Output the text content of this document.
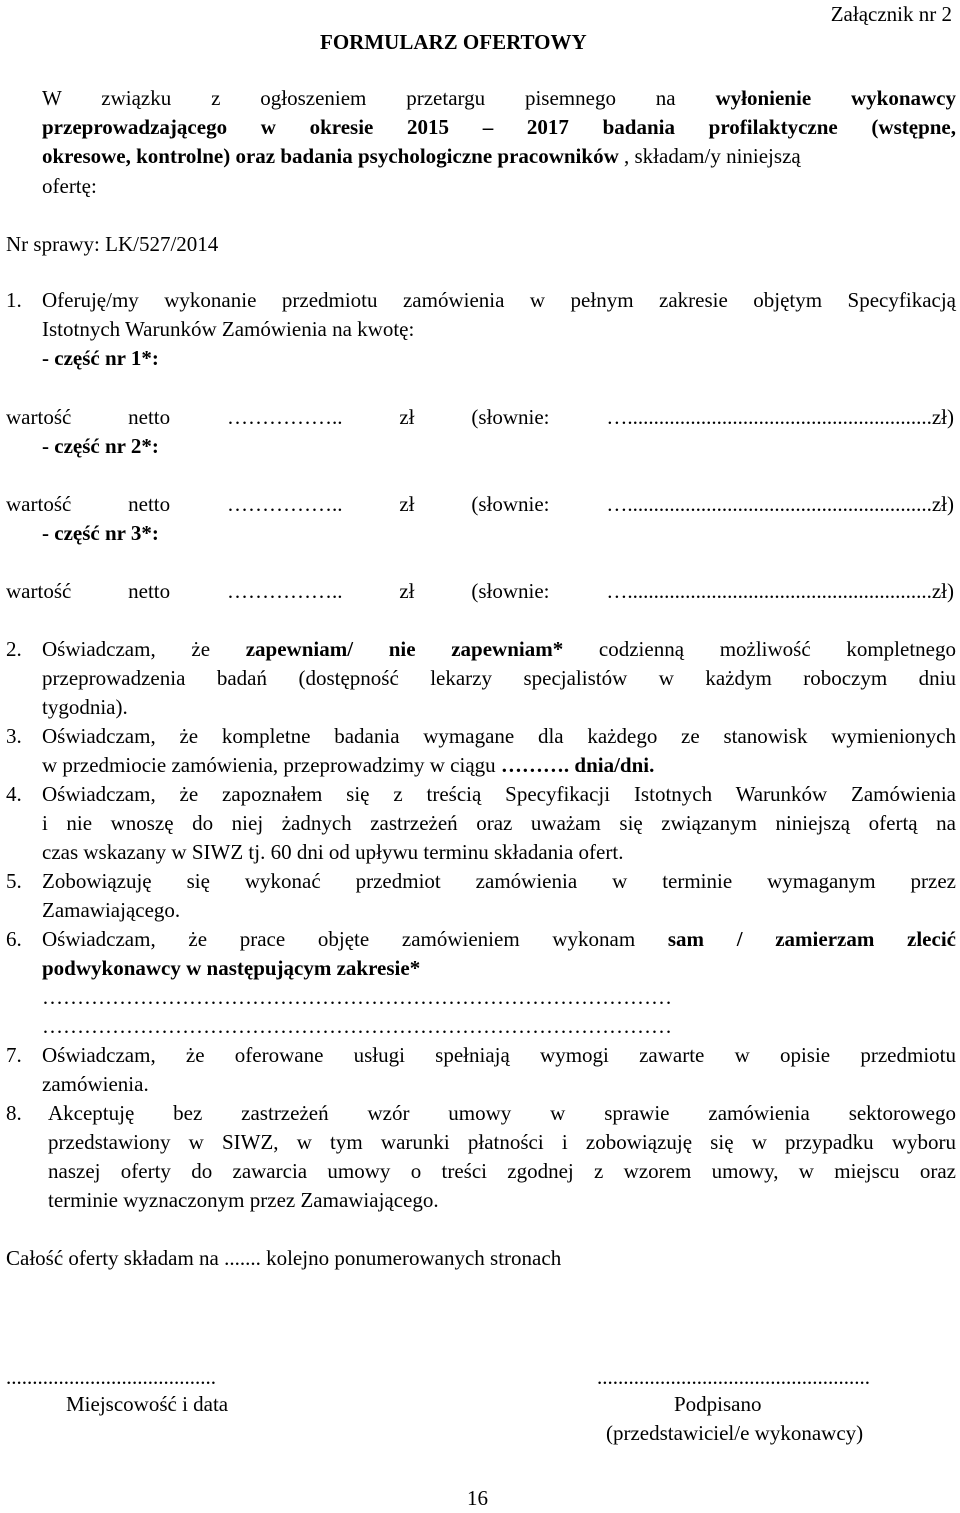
Załącznik nr 2
FORMULARZ OFERTOWY
W związku z ogłoszeniem przetargu pisemnego na wyłonienie wykonawcy
przeprowadzającego w okresie 2015 – 2017 badania profilaktyczne (wstępne,
okresowe, kontrolne) oraz badania psychologiczne pracowników , składam/y niniejszą
ofertę:
Nr sprawy: LK/527/2014
1. Oferuję/my wykonanie przedmiotu zamówienia w pełnym zakresie objętym Specyfikacją
Istotnych Warunków Zamówienia na kwotę:
- część nr 1*:
wartość netto …………….. zł (słownie: …..........................................................zł)
- część nr 2*:
wartość netto …………….. zł (słownie: …..........................................................zł)
- część nr 3*:
wartość netto …………….. zł (słownie: …..........................................................zł)
2. Oświadczam, że zapewniam/ nie zapewniam* codzienną możliwość kompletnego
przeprowadzenia badań (dostępność lekarzy specjalistów w każdym roboczym dniu
tygodnia).
3. Oświadczam, że kompletne badania wymagane dla każdego ze stanowisk wymienionych
w przedmiocie zamówienia, przeprowadzimy w ciągu ………. dnia/dni.
4. Oświadczam, że zapoznałem się z treścią Specyfikacji Istotnych Warunków Zamówienia
i nie wnoszę do niej żadnych zastrzeżeń oraz uważam się związanym niniejszą ofertą na
czas wskazany w SIWZ tj. 60 dni od upływu terminu składania ofert.
5. Zobowiązuję się wykonać przedmiot zamówienia w terminie wymaganym przez
Zamawiającego.
6. Oświadczam, że prace objęte zamówieniem wykonam sam / zamierzam zlecić
podwykonawcy w następującym zakresie*
………………………………………………………………………………
………………………………………………………………………………
7. Oświadczam, że oferowane usługi spełniają wymogi zawarte w opisie przedmiotu
zamówienia.
8. Akceptuję bez zastrzeżeń wzór umowy w sprawie zamówienia sektorowego
przedstawiony w SIWZ, w tym warunki płatności i zobowiązuję się w przypadku wyboru
naszej oferty do zawarcia umowy o treści zgodnej z wzorem umowy, w miejscu oraz
terminie wyznaczonym przez Zamawiającego.
Całość oferty składam na ....... kolejno ponumerowanych stronach
........................................
Miejscowość i data
....................................................
Podpisano
(przedstawiciel/e wykonawcy)
16
